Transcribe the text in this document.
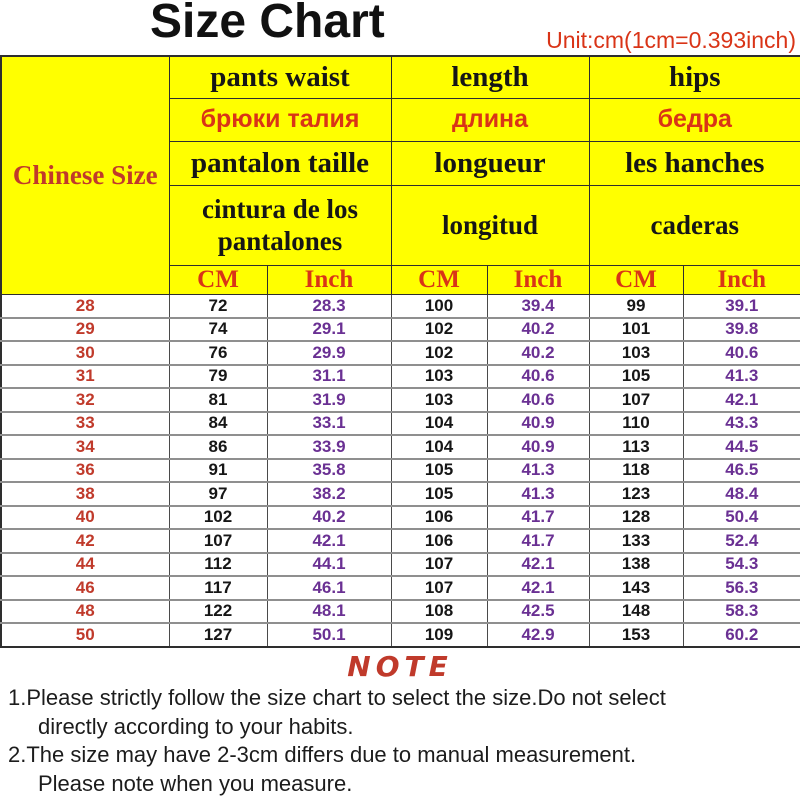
Size Chart	Unit:cm(1cm=0.393inch)
Chinese Size	pants waist		length		hips	
	брюки талия		длина		бедра	
	pantalon taille		longueur		les hanches	
	cintura de los pantalones		longitud		caderas	
	CM	Inch	CM	Inch	CM	Inch
28	72	28.3	100	39.4	99	39.1
29	74	29.1	102	40.2	101	39.8
30	76	29.9	102	40.2	103	40.6
31	79	31.1	103	40.6	105	41.3
32	81	31.9	103	40.6	107	42.1
33	84	33.1	104	40.9	110	43.3
34	86	33.9	104	40.9	113	44.5
36	91	35.8	105	41.3	118	46.5
38	97	38.2	105	41.3	123	48.4
40	102	40.2	106	41.7	128	50.4
42	107	42.1	106	41.7	133	52.4
44	112	44.1	107	42.1	138	54.3
46	117	46.1	107	42.1	143	56.3
48	122	48.1	108	42.5	148	58.3
50	127	50.1	109	42.9	153	60.2
NOTE
1.Please strictly follow the size chart to select the size.Do not select
directly according to your habits.
2.The size may have 2-3cm differs due to manual measurement.
Please note when you measure.
